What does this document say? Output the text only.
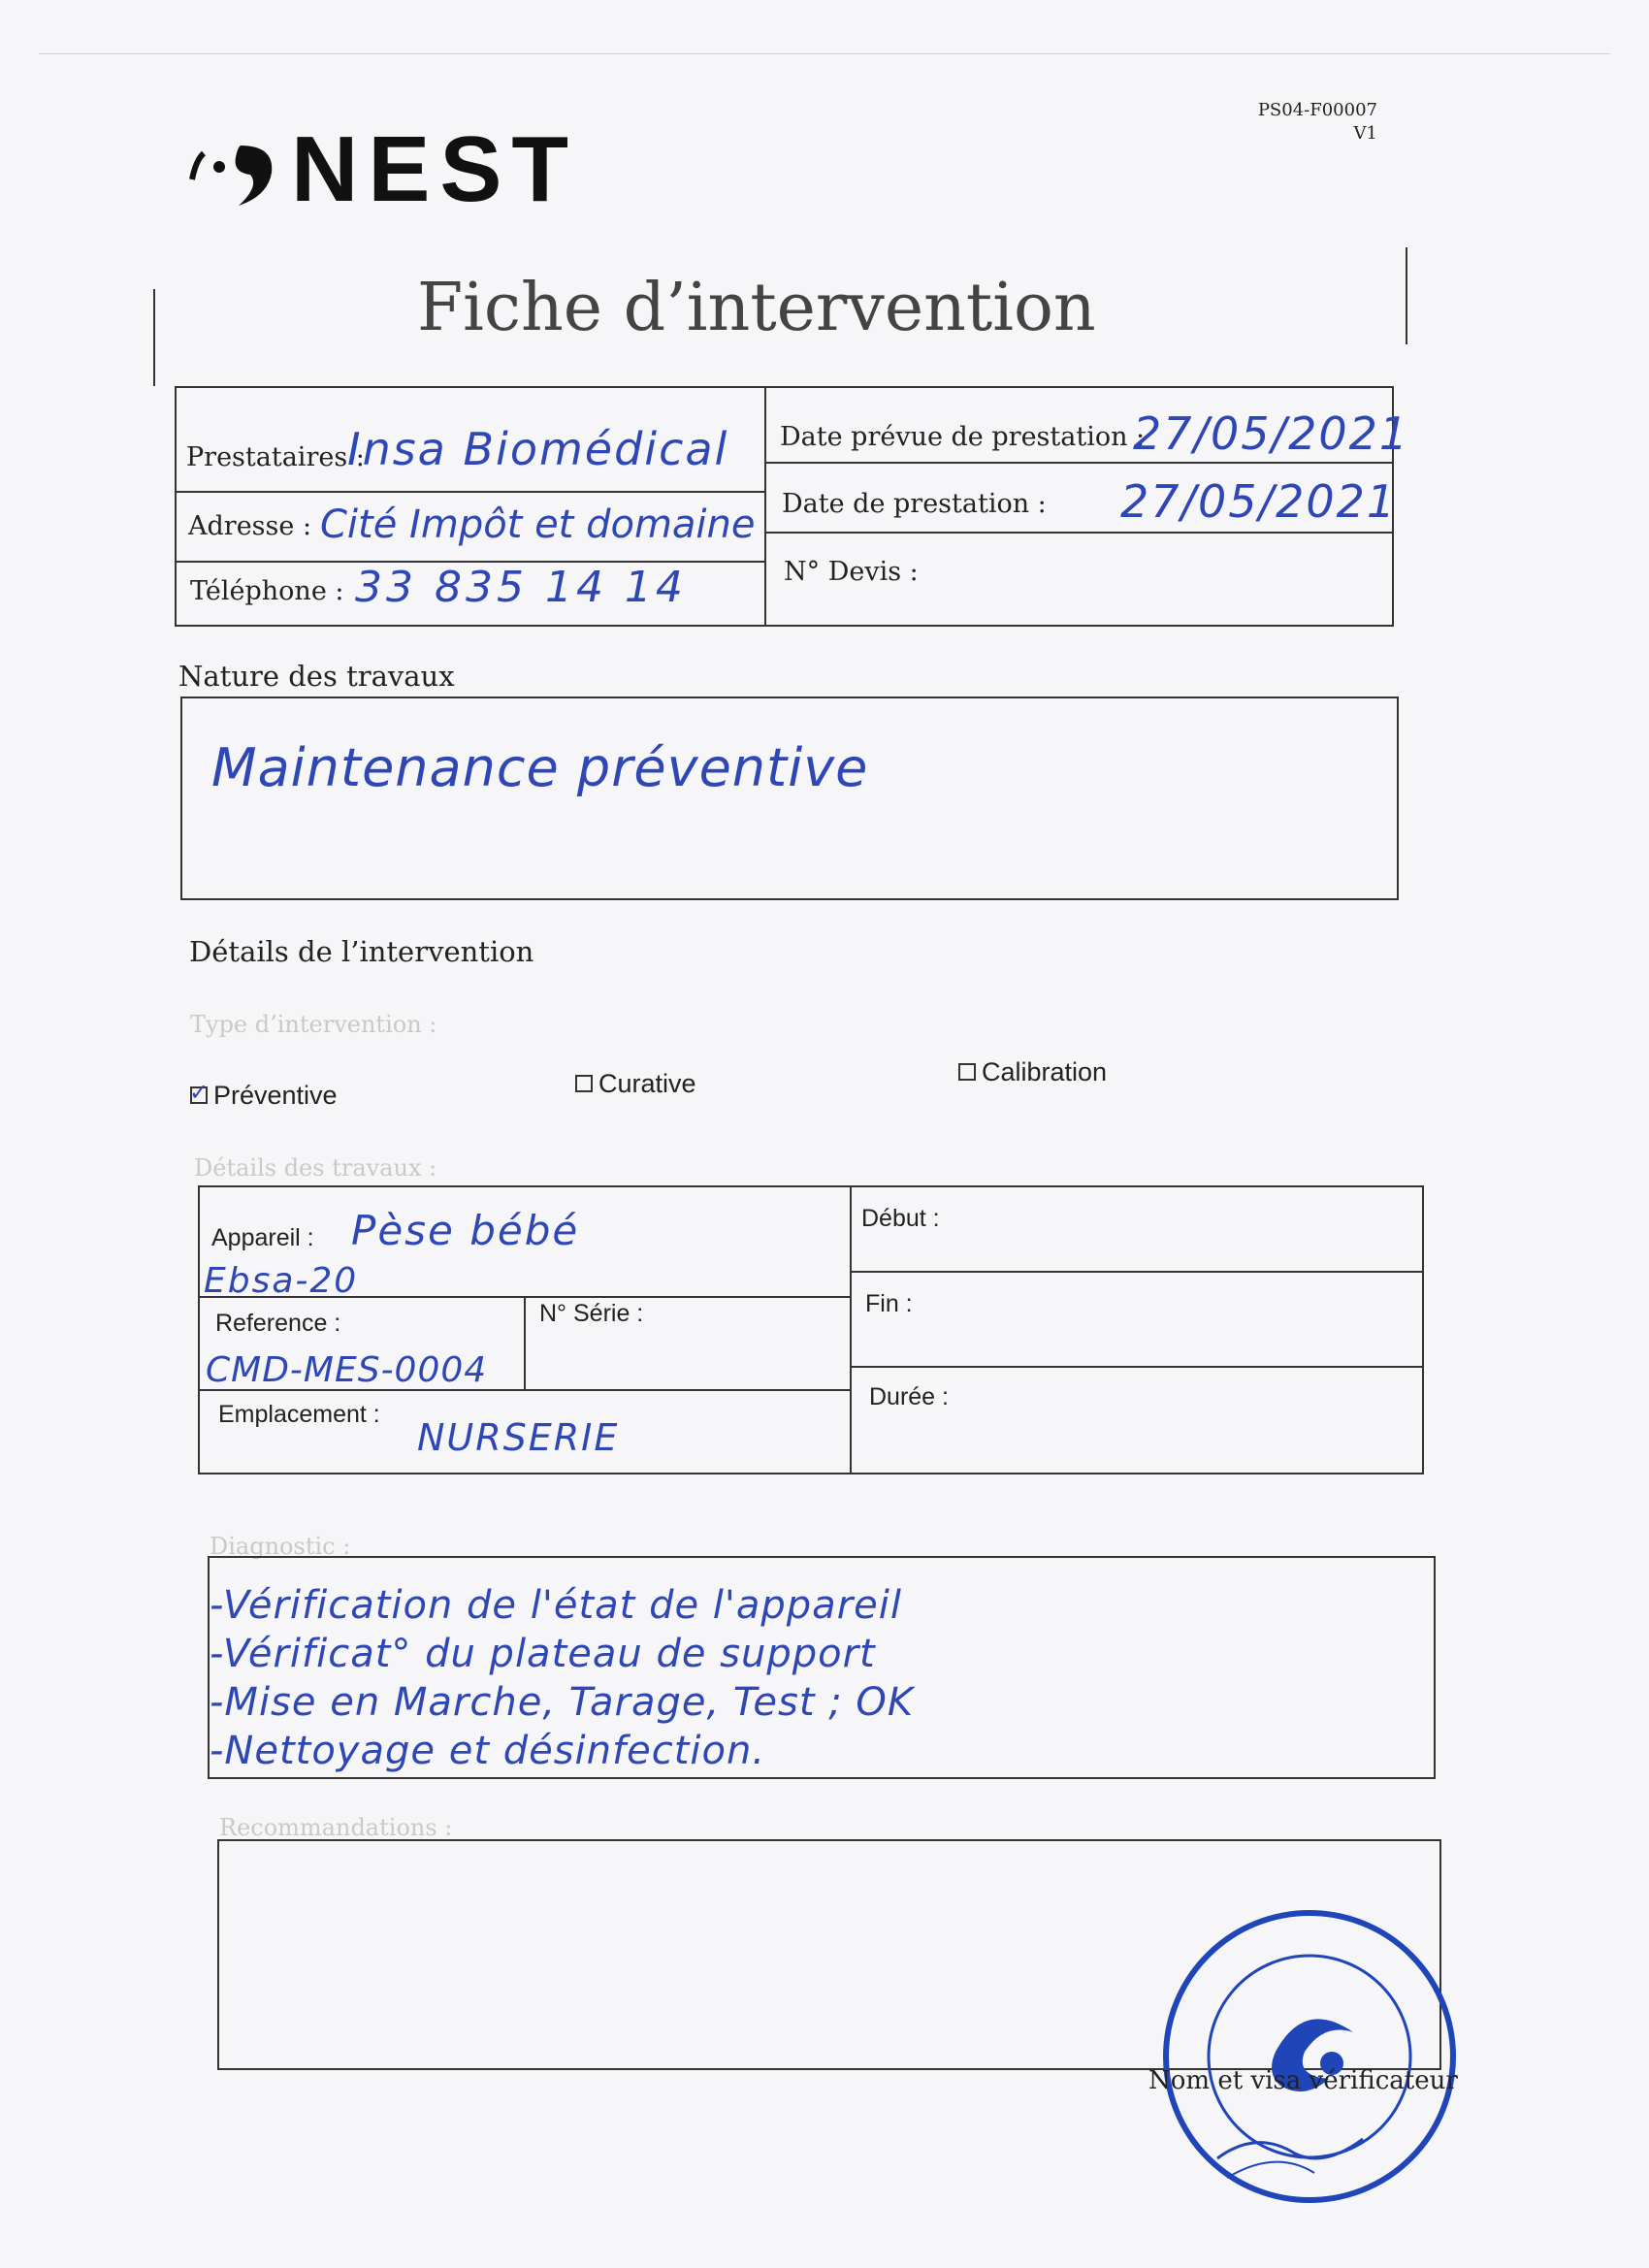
NEST
PS04-F00007
V1
Fiche d’intervention
Prestataires :
Insa Biomédical
Adresse : Cité Impôt et domaine
Téléphone : 33 835 14 14
Date prévue de prestation :
27/05/2021
Date de prestation : 27/05/2021
N° Devis :
Nature des travaux
Maintenance préventive
Détails de l’intervention
Type d’intervention :
✓Préventive	Curative	Calibration
Détails des travaux :
Appareil : Pèse bébé
Ebsa-20
Reference :
CMD-MES-0004
N° Série :
Emplacement :
NURSERIE
Début :
Fin :
Durée :
Diagnostic :
-Vérification de l'état de l'appareil
-Vérificat° du plateau de support
-Mise en Marche, Tarage, Test ; OK
-Nettoyage et désinfection.
Recommandations :
Nom et visa vérificateur
